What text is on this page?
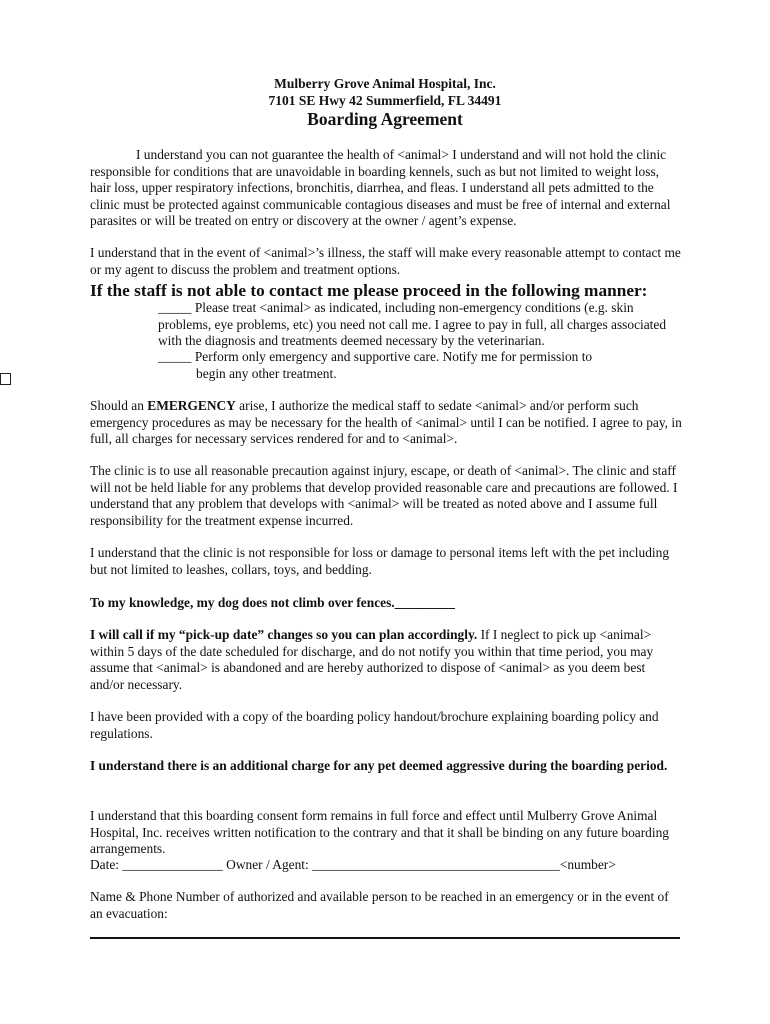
Mulberry Grove Animal Hospital, Inc.
7101 SE Hwy 42 Summerfield, FL 34491
Boarding Agreement

I understand you can not guarantee the health of <animal> I understand and will not hold the clinic responsible for conditions that are unavoidable in boarding kennels, such as but not limited to weight loss, hair loss, upper respiratory infections, bronchitis, diarrhea, and fleas. I understand all pets admitted to the clinic must be protected against communicable contagious diseases and must be free of internal and external parasites or will be treated on entry or discovery at the owner / agent’s expense.

I understand that in the event of <animal>’s illness, the staff will make every reasonable attempt to contact me or my agent to discuss the problem and treatment options.

If the staff is not able to contact me please proceed in the following manner:

_____ Please treat <animal> as indicated, including non-emergency conditions (e.g. skin problems, eye problems, etc) you need not call me. I agree to pay in full, all charges associated with the diagnosis and treatments deemed necessary by the veterinarian.

_____ Perform only emergency and supportive care. Notify me for permission to
begin any other treatment.

Should an EMERGENCY arise, I authorize the medical staff to sedate <animal> and/or perform such emergency procedures as may be necessary for the health of <animal> until I can be notified. I agree to pay, in full, all charges for necessary services rendered for and to <animal>.

The clinic is to use all reasonable precaution against injury, escape, or death of <animal>. The clinic and staff will not be held liable for any problems that develop provided reasonable care and precautions are followed. I understand that any problem that develops with <animal> will be treated as noted above and I assume full responsibility for the treatment expense incurred.

I understand that the clinic is not responsible for loss or damage to personal items left with the pet including but not limited to leashes, collars, toys, and bedding.

To my knowledge, my dog does not climb over fences._________

I will call if my “pick-up date” changes so you can plan accordingly. If I neglect to pick up <animal> within 5 days of the date scheduled for discharge, and do not notify you within that time period, you may assume that <animal> is abandoned and are hereby authorized to dispose of <animal> as you deem best and/or necessary.

I have been provided with a copy of the boarding policy handout/brochure explaining boarding policy and regulations.

I understand there is an additional charge for any pet deemed aggressive during the boarding period.

I understand that this boarding consent form remains in full force and effect until Mulberry Grove Animal Hospital, Inc. receives written notification to the contrary and that it shall be binding on any future boarding arrangements.

Date: _______________ Owner / Agent: _____________________________________<number>

Name & Phone Number of authorized and available person to be reached in an emergency or in the event of an evacuation:
